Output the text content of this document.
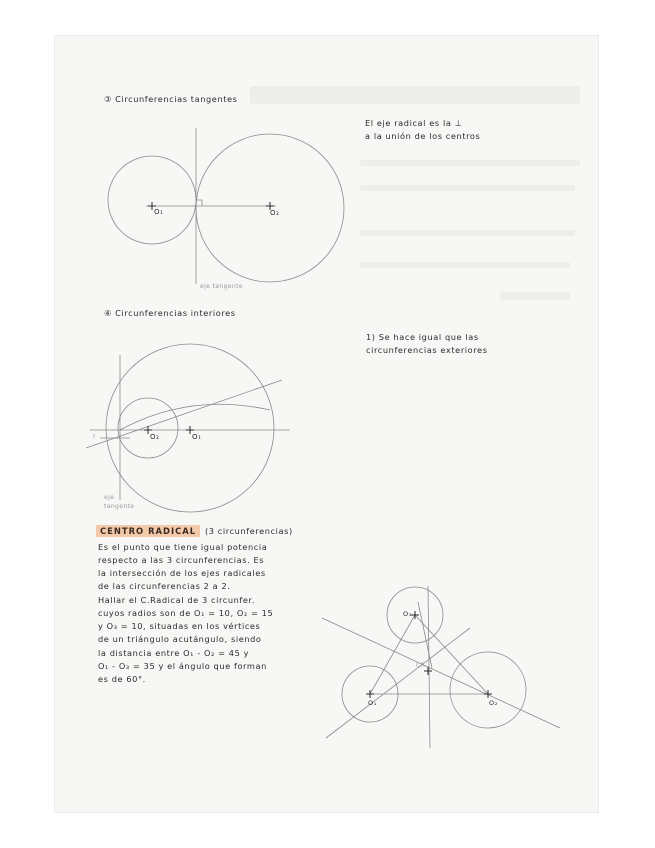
③ Circunferencias tangentes
El eje radical es la ⊥
a la unión de los centros
O₁	O₂
eje tangente
④ Circunferencias interiores
1) Se hace igual que las
circunferencias exteriores
O₂	O₁
r
eje
tangente
CENTRO RADICAL	(3 circunferencias)
Es el punto que tiene igual potencia
respecto a las 3 circunferencias. Es
la intersección de los ejes radicales
de las circunferencias 2 a 2.
Hallar el C.Radical de 3 circunfer.
cuyos radios son de O₁ = 10, O₂ = 15
y O₃ = 10, situadas en los vértices
de un triángulo acutángulo, siendo
la distancia entre O₁ - O₂ = 45 y
O₁ - O₃ = 35 y el ángulo que forman
es de 60°.
O₁	O₂
O₃
CR
